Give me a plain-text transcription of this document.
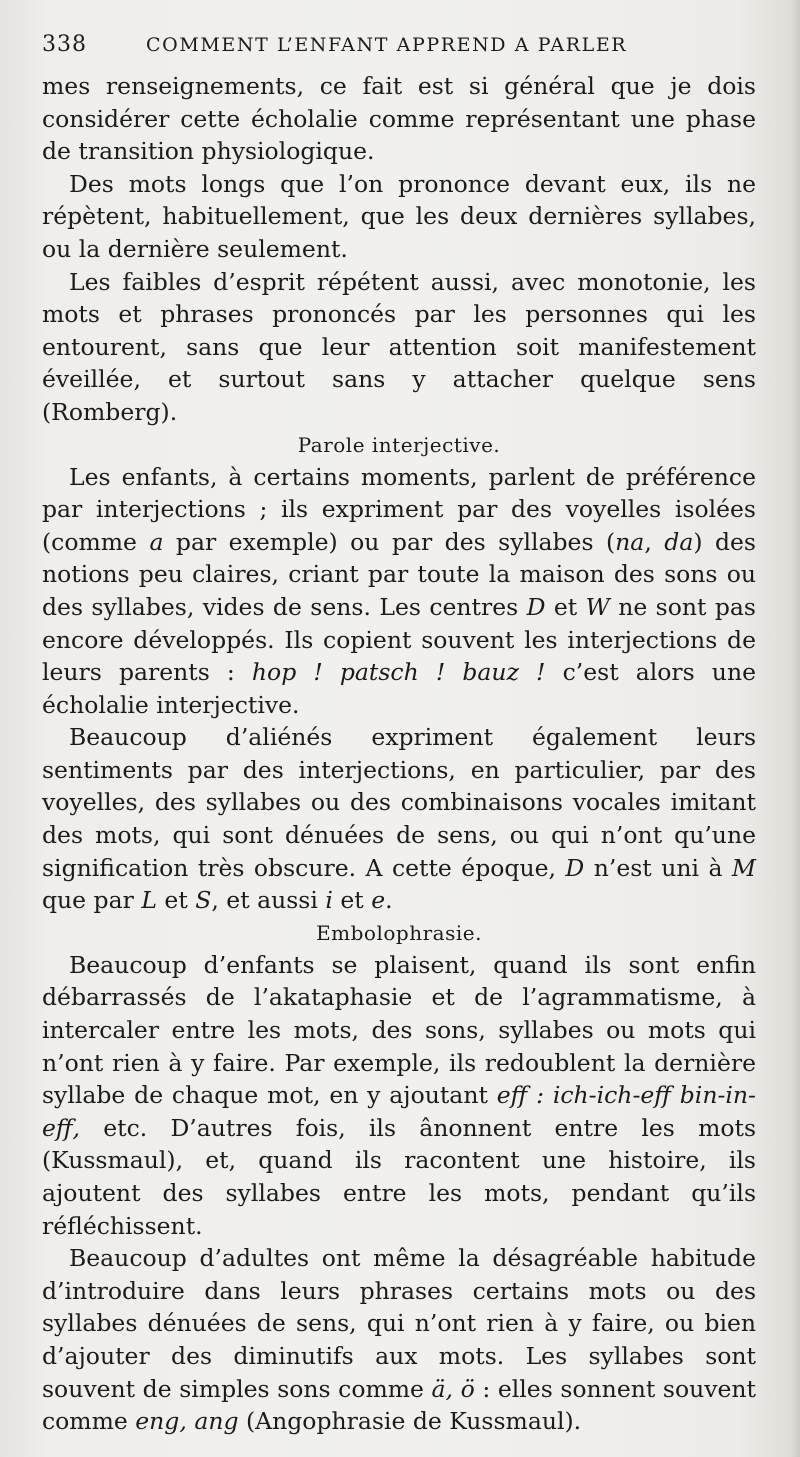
338	COMMENT L’ENFANT APPREND A PARLER

mes renseignements, ce fait est si général que je dois considérer cette écholalie comme représentant une phase de transition physiologique.

Des mots longs que l’on prononce devant eux, ils ne répètent, habituellement, que les deux dernières syllabes, ou la dernière seulement.

Les faibles d’esprit répétent aussi, avec monotonie, les mots et phrases prononcés par les personnes qui les entourent, sans que leur attention soit manifestement éveillée, et surtout sans y attacher quelque sens (Romberg).

Parole interjective.

Les enfants, à certains moments, parlent de préférence par interjections ; ils expriment par des voyelles isolées (comme a par exemple) ou par des syllabes (na, da) des notions peu claires, criant par toute la maison des sons ou des syllabes, vides de sens. Les centres D et W ne sont pas encore développés. Ils copient souvent les interjections de leurs parents : hop ! patsch ! bauz ! c’est alors une écholalie interjective.

Beaucoup d’aliénés expriment également leurs sentiments par des interjections, en particulier, par des voyelles, des syllabes ou des combinaisons vocales imitant des mots, qui sont dénuées de sens, ou qui n’ont qu’une signification très obscure. A cette époque, D n’est uni à M que par L et S, et aussi i et e.

Embolophrasie.

Beaucoup d’enfants se plaisent, quand ils sont enfin débarrassés de l’akataphasie et de l’agrammatisme, à intercaler entre les mots, des sons, syllabes ou mots qui n’ont rien à y faire. Par exemple, ils redoublent la dernière syllabe de chaque mot, en y ajoutant eff : ich-ich-eff bin-in-eff, etc. D’autres fois, ils ânonnent entre les mots (Kussmaul), et, quand ils racontent une histoire, ils ajoutent des syllabes entre les mots, pendant qu’ils réfléchissent.

Beaucoup d’adultes ont même la désagréable habitude d’introduire dans leurs phrases certains mots ou des syllabes dénuées de sens, qui n’ont rien à y faire, ou bien d’ajouter des diminutifs aux mots. Les syllabes sont souvent de simples sons comme ä, ö : elles sonnent souvent comme eng, ang (Angophrasie de Kussmaul).
